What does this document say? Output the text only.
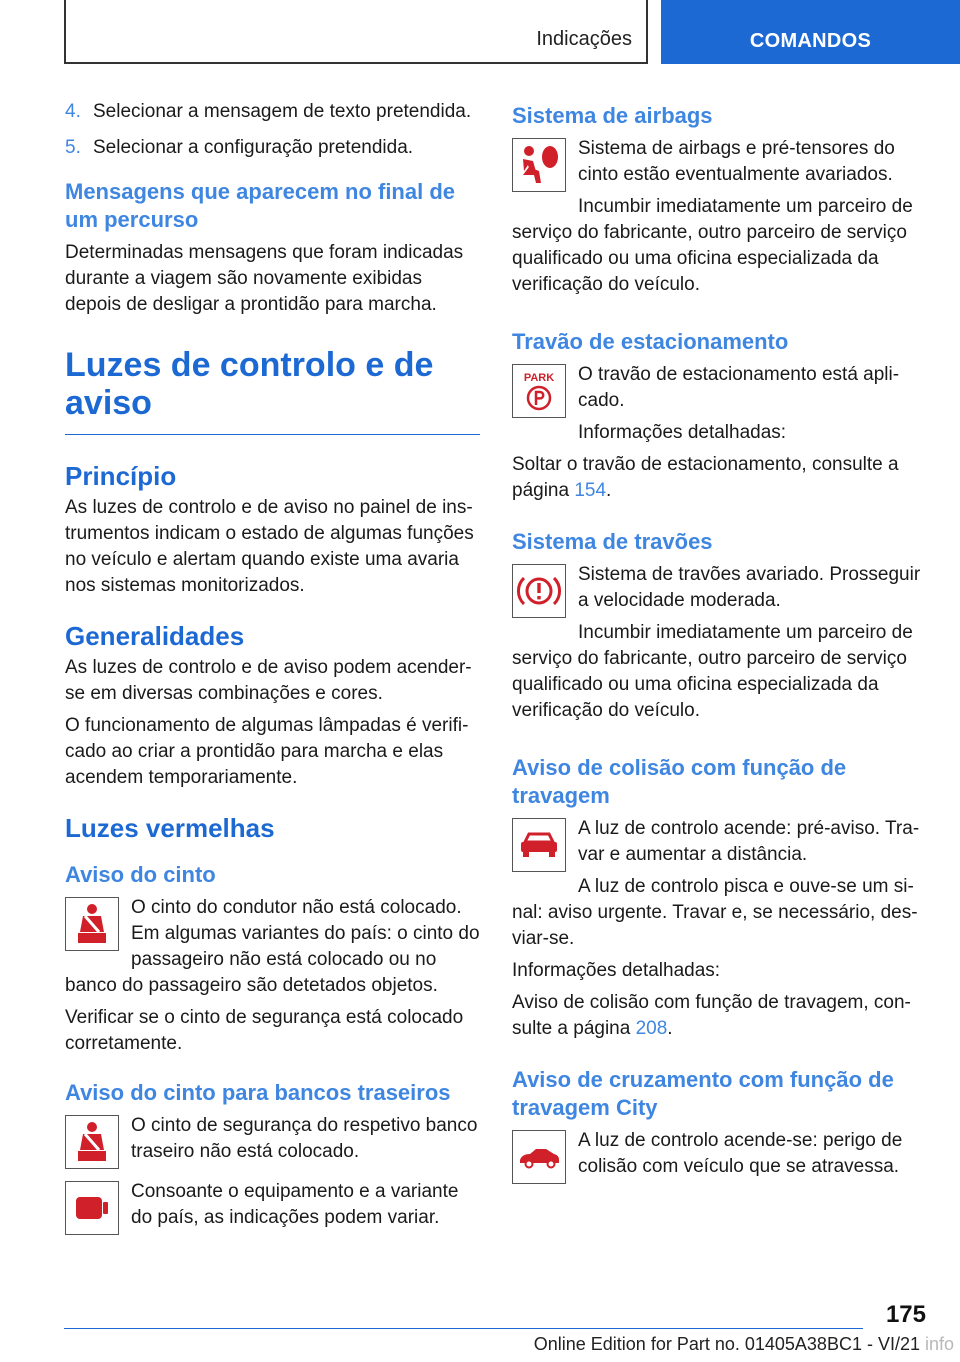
Indicações	COMANDOS
4. Selecionar a mensagem de texto pretendida.
5. Selecionar a configuração pretendida.
Mensagens que aparecem no final de um percurso

Determinadas mensagens que foram indicadas durante a viagem são novamente exibidas depois de desligar a prontidão para marcha.

Luzes de controlo e de aviso
Princípio

As luzes de controlo e de aviso no painel de instrumentos indicam o estado de algumas funções no veículo e alertam quando existe uma avaria nos sistemas monitorizados.

Generalidades

As luzes de controlo e de aviso podem acender-se em diversas combinações e cores.

O funcionamento de algumas lâmpadas é verificado ao criar a prontidão para marcha e elas acendem temporariamente.

Luzes vermelhas
Aviso do cinto

O cinto do condutor não está colocado. Em algumas variantes do país: o cinto do passageiro não está colocado ou no banco do passageiro são detetados objetos.

Verificar se o cinto de segurança está colocado corretamente.

Aviso do cinto para bancos traseiros

O cinto de segurança do respetivo banco traseiro não está colocado.

Consoante o equipamento e a variante do país, as indicações podem variar.

Sistema de airbags

Sistema de airbags e pré-tensores do cinto estão eventualmente avariados.

Incumbir imediatamente um parceiro de serviço do fabricante, outro parceiro de serviço qualificado ou uma oficina especializada da verificação do veículo.

Travão de estacionamento
PARK	O travão de estacionamento está aplicado.

Informações detalhadas:

Soltar o travão de estacionamento, consulte a página 154.

Sistema de travões

Sistema de travões avariado. Prosseguir a velocidade moderada.

Incumbir imediatamente um parceiro de serviço do fabricante, outro parceiro de serviço qualificado ou uma oficina especializada da verificação do veículo.

Aviso de colisão com função de travagem

A luz de controlo acende: pré-aviso. Travar e aumentar a distância.

A luz de controlo pisca e ouve-se um sinal: aviso urgente. Travar e, se necessário, desviar-se.

Informações detalhadas:

Aviso de colisão com função de travagem, consulte a página 208.

Aviso de cruzamento com função de travagem City

A luz de controlo acende-se: perigo de colisão com veículo que se atravessa.

175
Online Edition for Part no. 01405A38BC1 - VI/21 info
